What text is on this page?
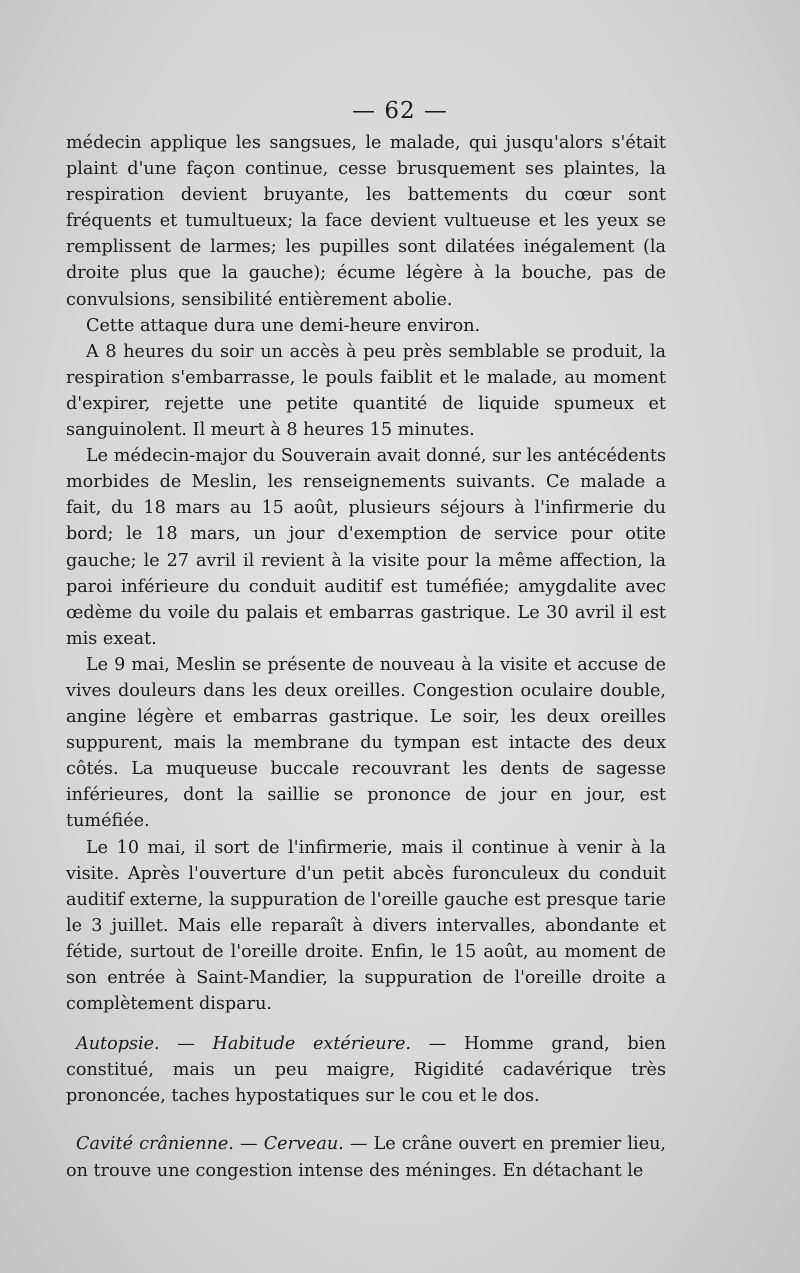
— 62 —

médecin applique les sangsues, le malade, qui jusqu'alors s'était plaint d'une façon continue, cesse brusquement ses plaintes, la respiration devient bruyante, les battements du cœur sont fréquents et tumultueux; la face devient vultueuse et les yeux se remplissent de larmes; les pupilles sont dilatées inégalement (la droite plus que la gauche); écume légère à la bouche, pas de convulsions, sensibilité entièrement abolie.

Cette attaque dura une demi-heure environ.

A 8 heures du soir un accès à peu près semblable se produit, la respiration s'embarrasse, le pouls faiblit et le malade, au moment d'expirer, rejette une petite quantité de liquide spumeux et sanguinolent. Il meurt à 8 heures 15 minutes.

Le médecin-major du Souverain avait donné, sur les antécédents morbides de Meslin, les renseignements suivants. Ce malade a fait, du 18 mars au 15 août, plusieurs séjours à l'infirmerie du bord; le 18 mars, un jour d'exemption de service pour otite gauche; le 27 avril il revient à la visite pour la même affection, la paroi inférieure du conduit auditif est tuméfiée; amygdalite avec œdème du voile du palais et embarras gastrique. Le 30 avril il est mis exeat.

Le 9 mai, Meslin se présente de nouveau à la visite et accuse de vives douleurs dans les deux oreilles. Congestion oculaire double, angine légère et embarras gastrique. Le soir, les deux oreilles suppurent, mais la membrane du tympan est intacte des deux côtés. La muqueuse buccale recouvrant les dents de sagesse inférieures, dont la saillie se prononce de jour en jour, est tuméfiée.

Le 10 mai, il sort de l'infirmerie, mais il continue à venir à la visite. Après l'ouverture d'un petit abcès furonculeux du conduit auditif externe, la suppuration de l'oreille gauche est presque tarie le 3 juillet. Mais elle reparaît à divers intervalles, abondante et fétide, surtout de l'oreille droite. Enfin, le 15 août, au moment de son entrée à Saint-Mandier, la suppuration de l'oreille droite a complètement disparu.

Autopsie. — Habitude extérieure. — Homme grand, bien constitué, mais un peu maigre, Rigidité cadavérique très prononcée, taches hypostatiques sur le cou et le dos.

Cavité crânienne. — Cerveau. — Le crâne ouvert en premier lieu, on trouve une congestion intense des méninges. En détachant le
